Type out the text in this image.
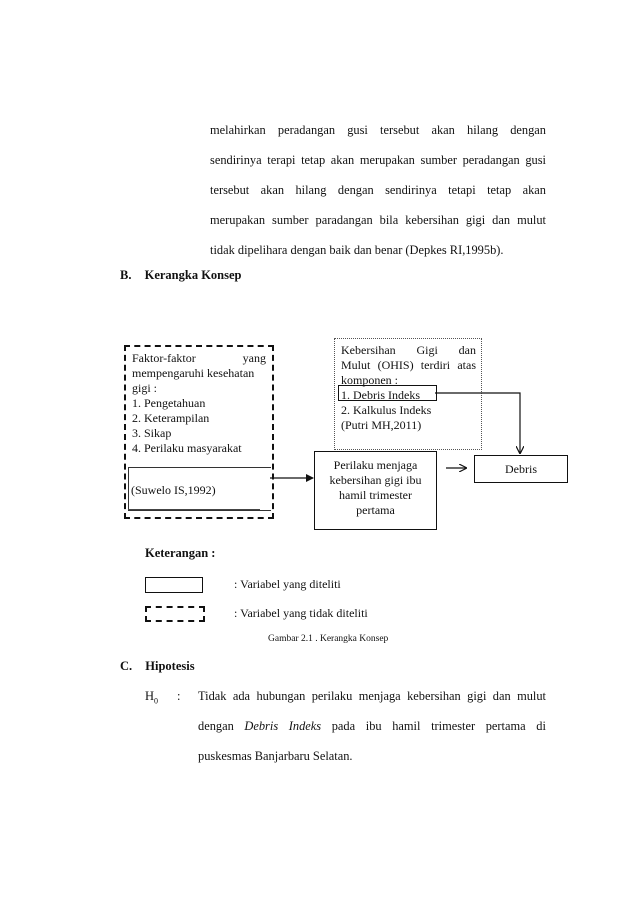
melahirkan peradangan gusi tersebut akan hilang dengan
sendirinya terapi tetap akan merupakan sumber peradangan gusi
tersebut akan hilang dengan sendirinya tetapi tetap akan
merupakan sumber paradangan bila kebersihan gigi dan mulut
tidak dipelihara dengan baik dan benar (Depkes RI,1995b).
B. Kerangka Konsep
Faktor-faktor	yang
mempengaruhi kesehatan
gigi :
1. Pengetahuan
2. Keterampilan
3. Sikap
4. Perilaku masyarakat
(Suwelo IS,1992)
Kebersihan Gigi dan
Mulut (OHIS) terdiri atas
komponen :
1. Debris Indeks
2. Kalkulus Indeks
(Putri MH,2011)
Perilaku menjaga
kebersihan gigi ibu
hamil trimester
pertama
Debris
Keterangan :
: Variabel yang diteliti
: Variabel yang tidak diteliti
Gambar 2.1 . Kerangka Konsep
C. Hipotesis
$H_0$ : Tidak ada hubungan perilaku menjaga kebersihan gigi dan mulut
dengan Debris Indeks pada ibu hamil trimester pertama di
puskesmas Banjarbaru Selatan.
